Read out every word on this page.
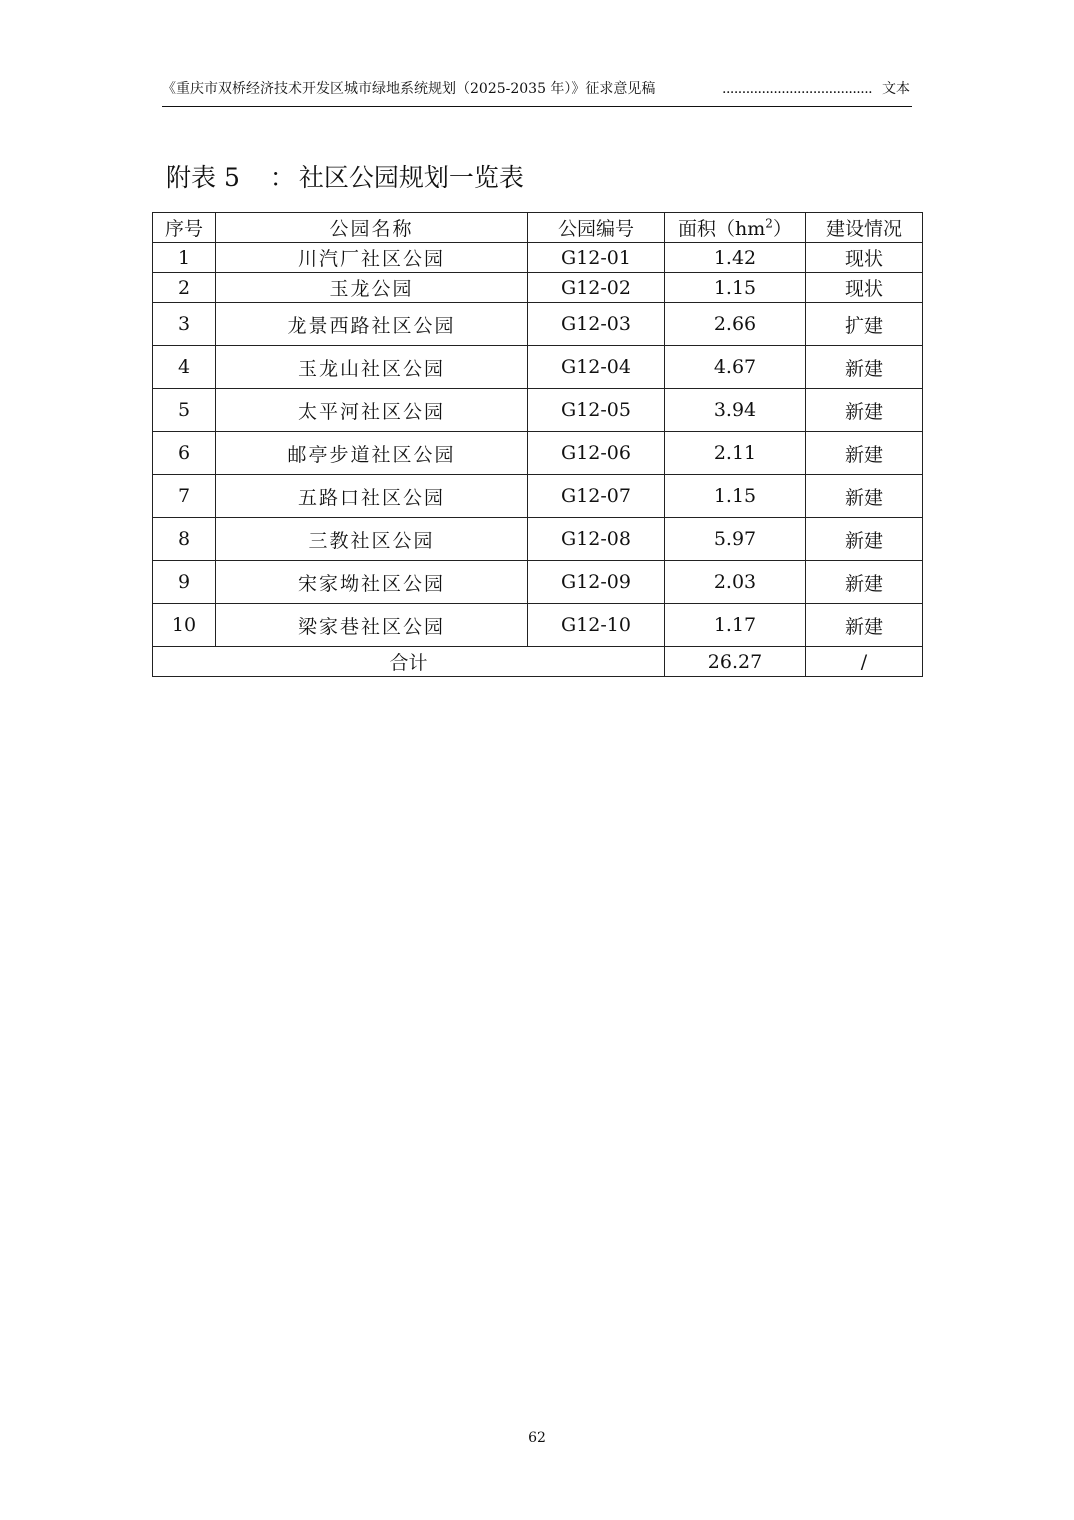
《重庆市双桥经济技术开发区城市绿地系统规划（2025-2035 年）》征求意见稿	...................................... 文本
附表 5 ： 社区公园规划一览表
序号	公园名称	公园编号	面积$(hm^2)$	建设情况
1	川汽厂社区公园	G12-01	1.42	现状
2	玉龙公园	G12-02	1.15	现状
3	龙景西路社区公园	G12-03	2.66	扩建
4	玉龙山社区公园	G12-04	4.67	新建
5	太平河社区公园	G12-05	3.94	新建
6	邮亭步道社区公园	G12-06	2.11	新建
7	五路口社区公园	G12-07	1.15	新建
8	三教社区公园	G12-08	5.97	新建
9	宋家坳社区公园	G12-09	2.03	新建
10	梁家巷社区公园	G12-10	1.17	新建
合计			26.27	/
62
